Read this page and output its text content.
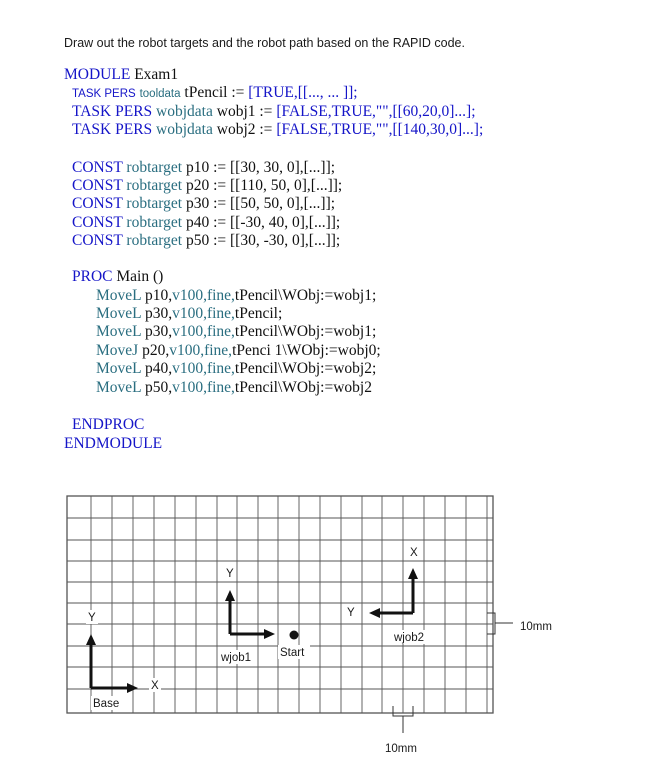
Draw out the robot targets and the robot path based on the RAPID code.
MODULE Exam1
TASK PERS tooldata tPencil := [TRUE,[[..., ... ]];
TASK PERS wobjdata wobj1 := [FALSE,TRUE,"",[[60,20,0]...];
TASK PERS wobjdata wobj2 := [FALSE,TRUE,"",[[140,30,0]...];
CONST robtarget p10 := [[30, 30, 0],[...]];
CONST robtarget p20 := [[110, 50, 0],[...]];
CONST robtarget p30 := [[50, 50, 0],[...]];
CONST robtarget p40 := [[-30, 40, 0],[...]];
CONST robtarget p50 := [[30, -30, 0],[...]];
PROC Main ()
MoveL p10,v100,fine,tPencil\WObj:=wobj1;
MoveL p30,v100,fine,tPencil;
MoveL p30,v100,fine,tPencil\WObj:=wobj1;
MoveJ p20,v100,fine,tPenci 1\WObj:=wobj0;
MoveL p40,v100,fine,tPencil\WObj:=wobj2;
MoveL p50,v100,fine,tPencil\WObj:=wobj2
ENDPROC
ENDMODULE
Base
X
Y
wjob1
Y
Start
wjob2
X
Y
10mm
10mm
